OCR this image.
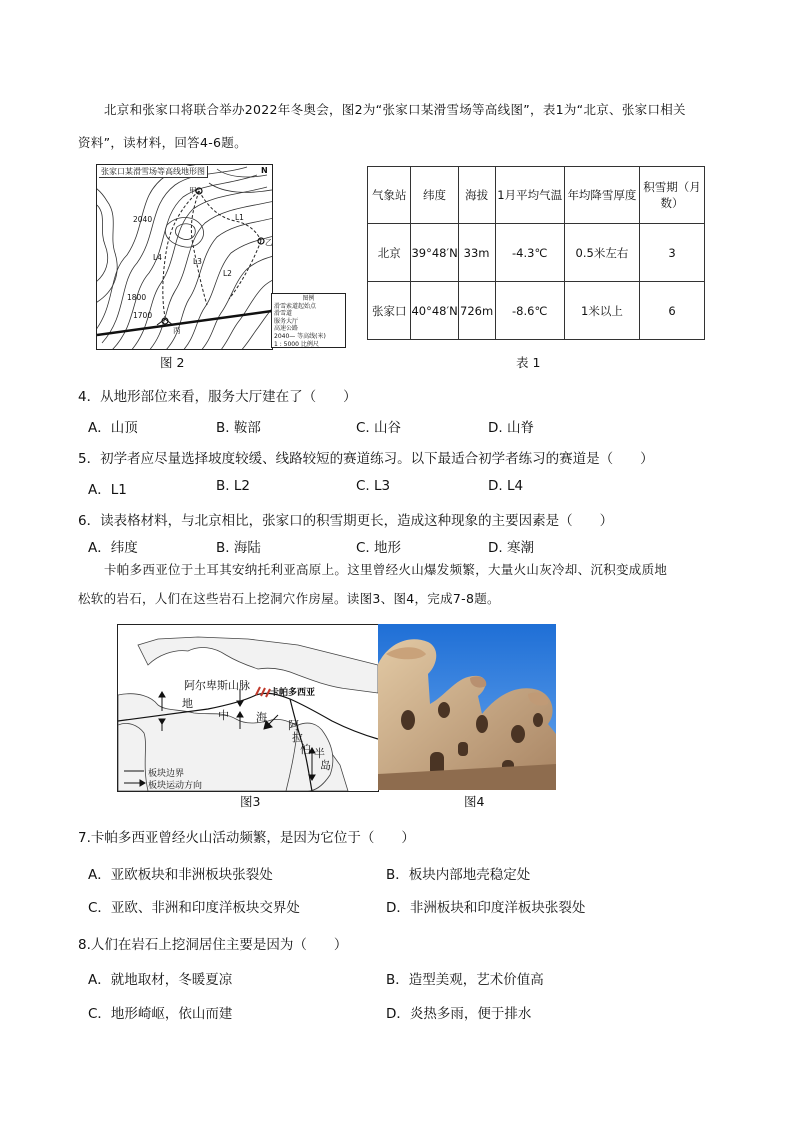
北京和张家口将联合举办2022年冬奥会，图2为“张家口某滑雪场等高线图”，表1为“北京、张家口相关
资料”，读材料，回答4-6题。
张家口某滑雪场等高线地形图	N
2040
1800
1700
L1
L2
L3
L4
甲
乙
丙
图例
滑雪索道起始点
滑雪道
服务大厅
高速公路
2040— 等高线(米)
1 : 5000 比例尺
图 2
气象站	纬度	海拔	1月平均气温	年均降雪厚度	积雪期（月数）
北京	39°48′N	33m	-4.3℃	0.5米左右	3
张家口	40°48′N	726m	-8.6℃	1米以上	6
表 1
4．从地形部位来看，服务大厅建在了（　　）
A．山顶	B. 鞍部	C. 山谷	D. 山脊
5．初学者应尽量选择坡度较缓、线路较短的赛道练习。以下最适合初学者练习的赛道是（　　）
A．L1	B. L2	C. L3	D. L4
6．读表格材料，与北京相比，张家口的积雪期更长，造成这种现象的主要因素是（　　）
A．纬度	B. 海陆	C. 地形	D. 寒潮
卡帕多西亚位于土耳其安纳托利亚高原上。这里曾经火山爆发频繁，大量火山灰冷却、沉积变成质地
松软的岩石，人们在这些岩石上挖洞穴作房屋。读图3、图4，完成7-8题。
阿尔卑斯山脉
卡帕多西亚
地
中 海
阿
拉
伯 半
岛
板块边界
板块运动方向
图3	图4
7.卡帕多西亚曾经火山活动频繁，是因为它位于（　　）
A．亚欧板块和非洲板块张裂处	B．板块内部地壳稳定处
C．亚欧、非洲和印度洋板块交界处	D．非洲板块和印度洋板块张裂处
8.人们在岩石上挖洞居住主要是因为（　　）
A．就地取材，冬暖夏凉	B．造型美观，艺术价值高
C．地形崎岖，依山而建	D．炎热多雨，便于排水
